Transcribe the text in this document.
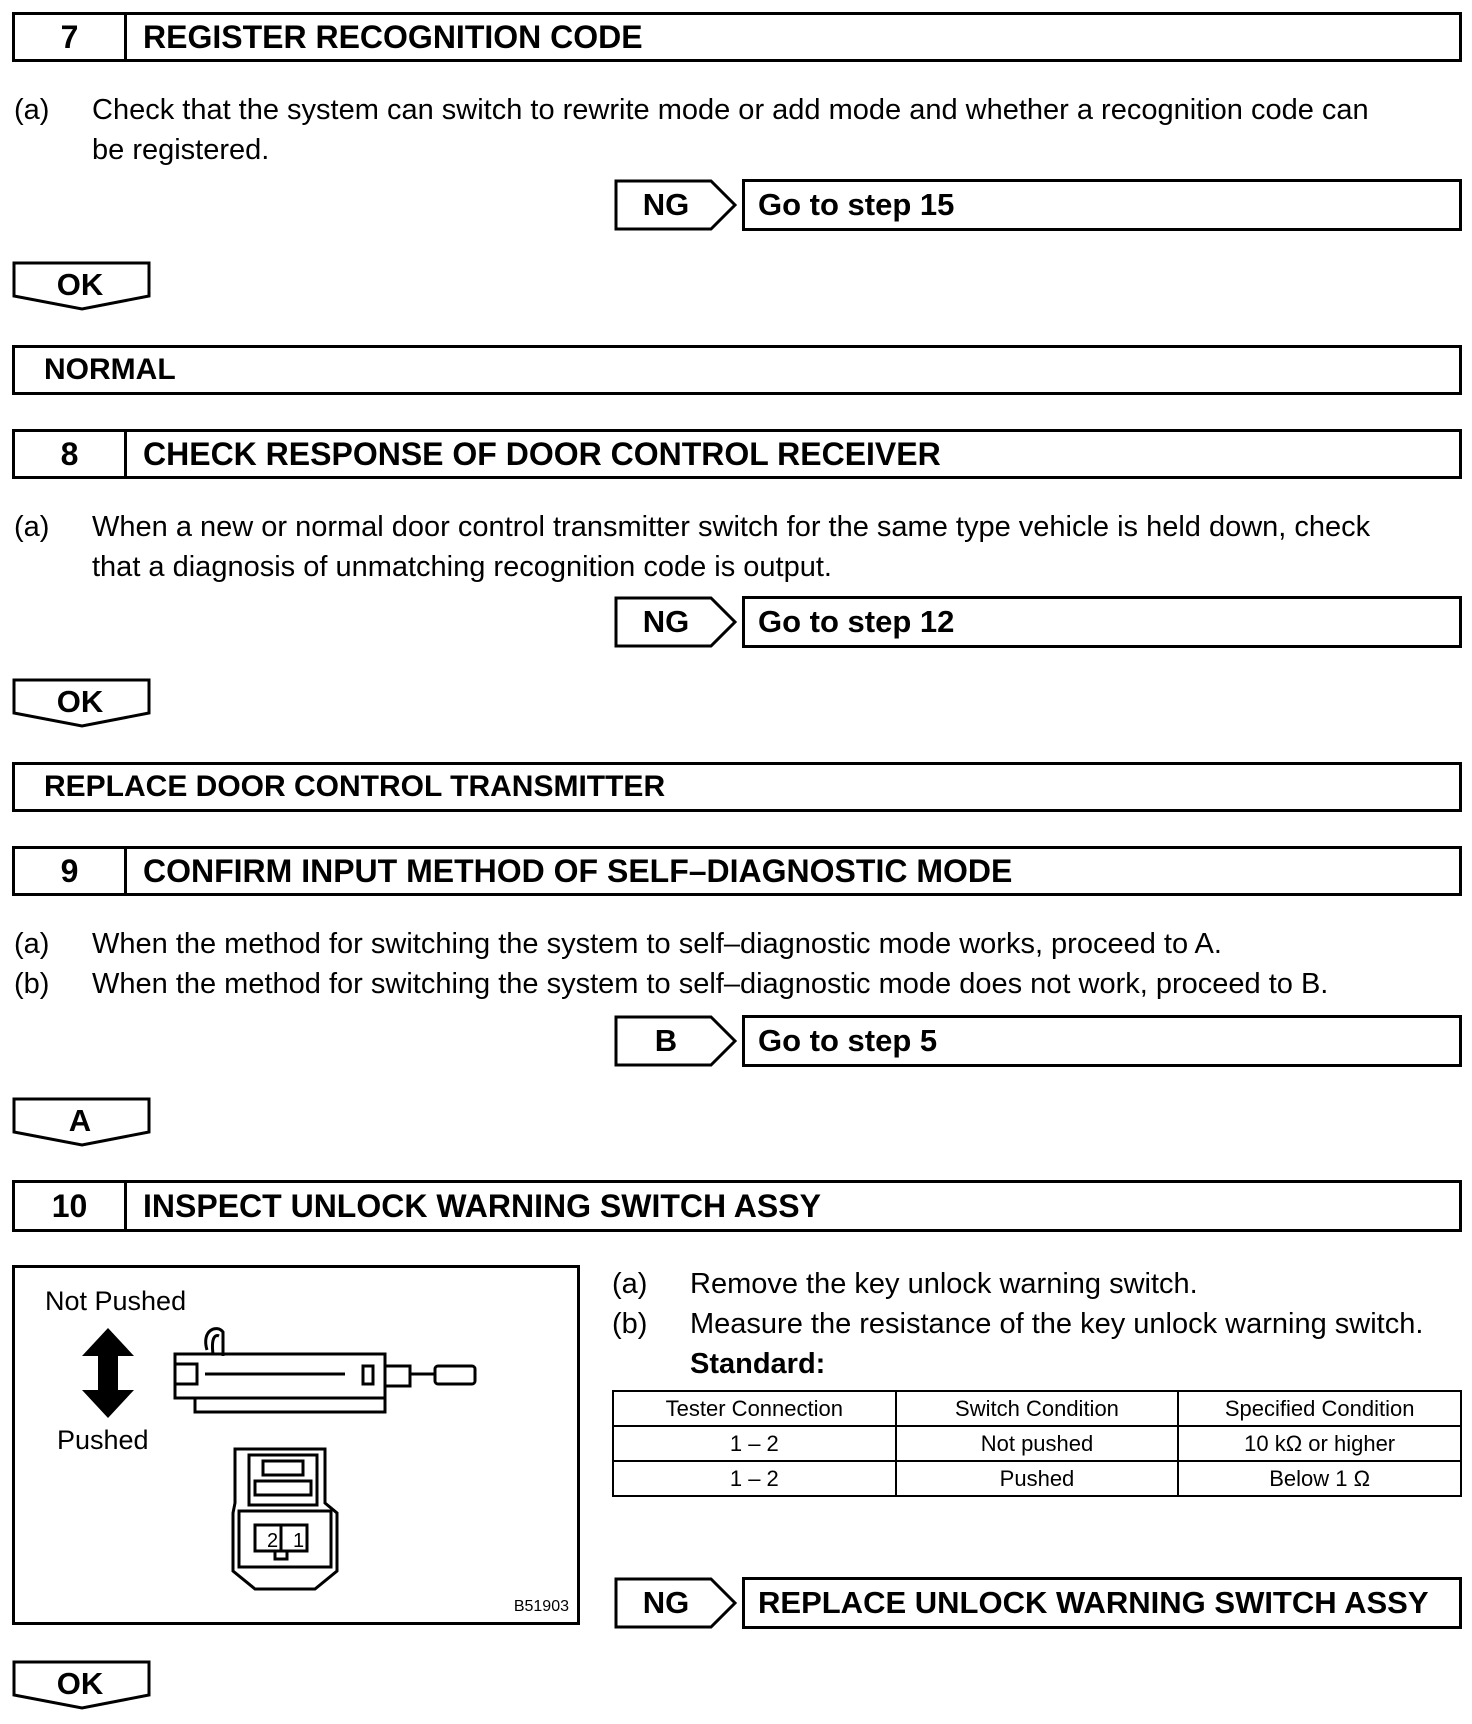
7	REGISTER RECOGNITION CODE
(a) Check that the system can switch to rewrite mode or add mode and whether a recognition code can
be registered.
NG	Go to step 15
OK
NORMAL
8	CHECK RESPONSE OF DOOR CONTROL RECEIVER
(a) When a new or normal door control transmitter switch for the same type vehicle is held down, check
that a diagnosis of unmatching recognition code is output.
NG	Go to step 12
OK
REPLACE DOOR CONTROL TRANSMITTER
9	CONFIRM INPUT METHOD OF SELF–DIAGNOSTIC MODE
(a) When the method for switching the system to self–diagnostic mode works, proceed to A.
(b) When the method for switching the system to self–diagnostic mode does not work, proceed to B.
B	Go to step 5
A
10	INSPECT UNLOCK WARNING SWITCH ASSY
Not Pushed
Pushed
2 1
B51903
(a) Remove the key unlock warning switch.
(b) Measure the resistance of the key unlock warning switch.
Standard:
Tester Connection	Switch Condition	Specified Condition
1 – 2	Not pushed	10 kΩ or higher
1 – 2	Pushed	Below 1 Ω
NG	REPLACE UNLOCK WARNING SWITCH ASSY
OK
